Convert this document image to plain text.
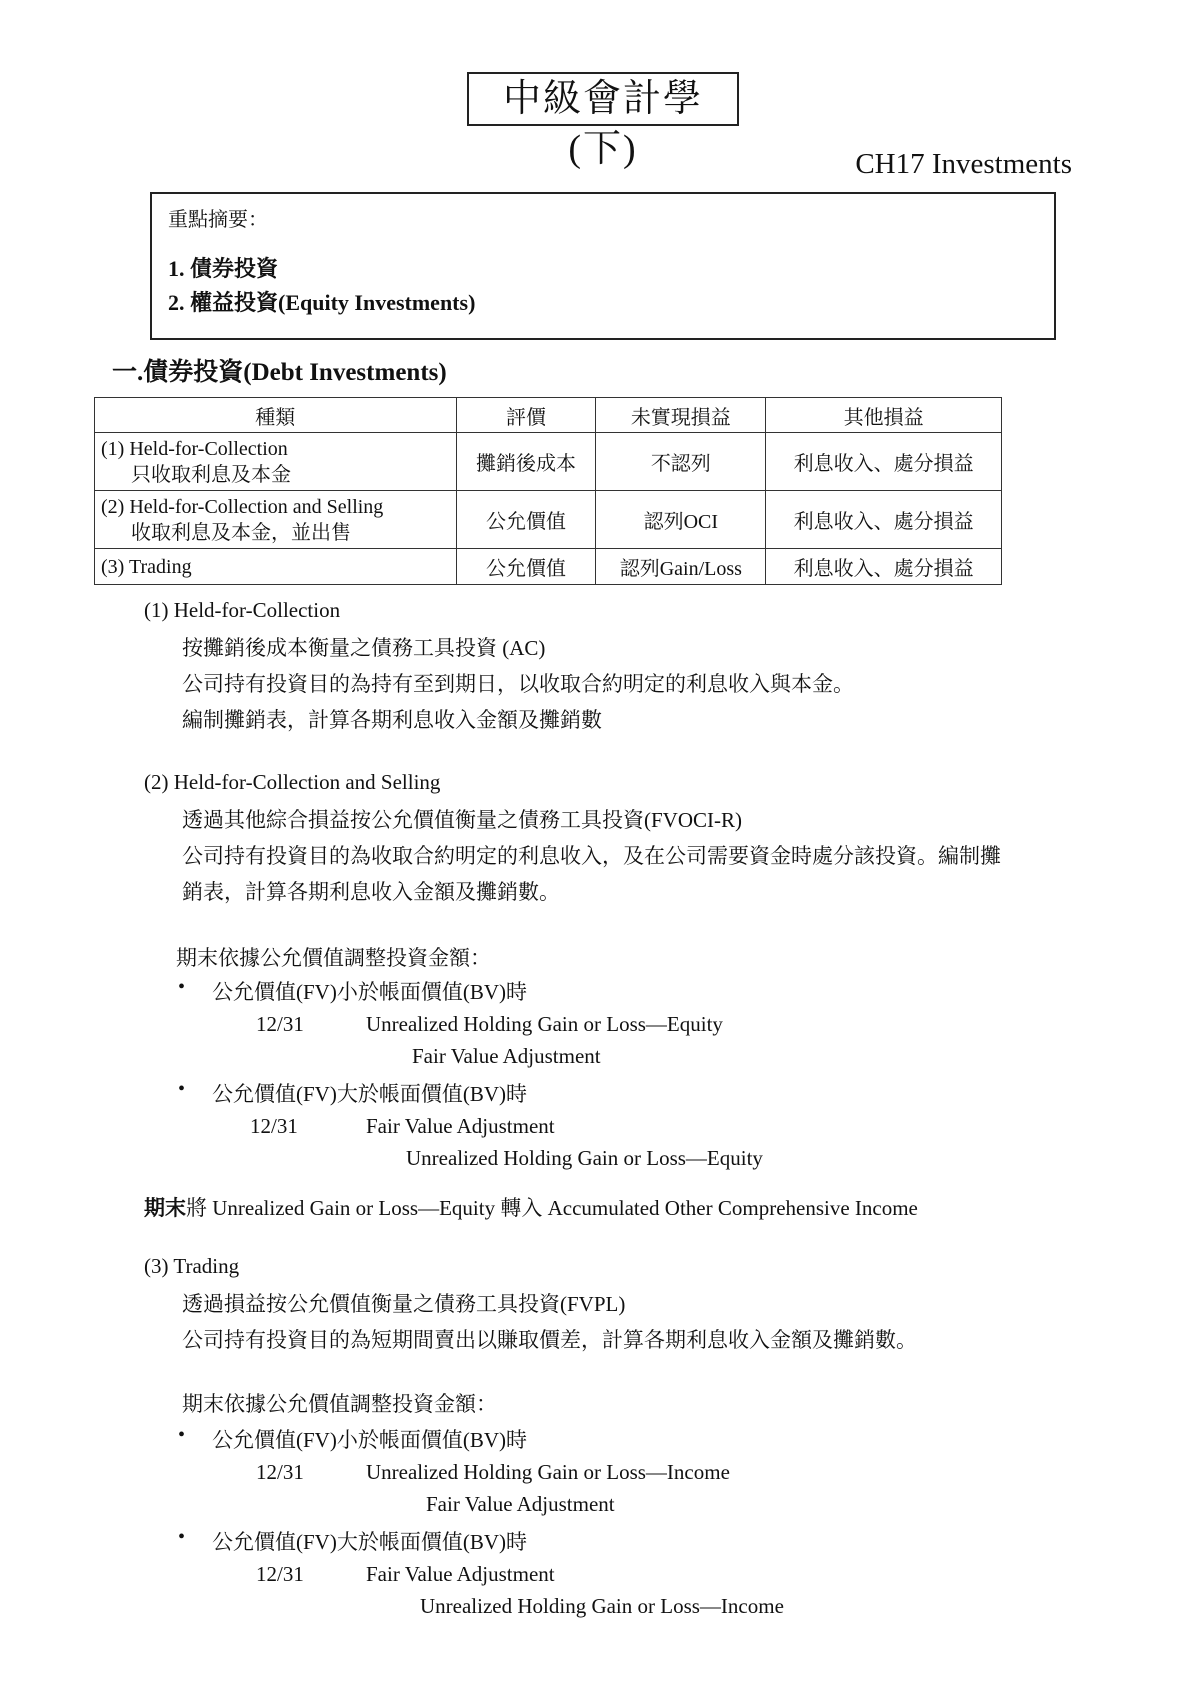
中級會計學(下)	CH17 Investments
重點摘要：
1. 債券投資
2. 權益投資(Equity Investments)
一.債券投資(Debt Investments)
種類	評價	未實現損益	其他損益

(1) Held-for-Collection
只收取利息及本金	攤銷後成本	不認列	利息收入、處分損益

(2) Held-for-Collection and Selling
收取利息及本金，並出售	公允價值	認列OCI	利息收入、處分損益

(3) Trading	公允價值	認列Gain/Loss	利息收入、處分損益
(1) Held-for-Collection
按攤銷後成本衡量之債務工具投資 (AC)
公司持有投資目的為持有至到期日，以收取合約明定的利息收入與本金。
編制攤銷表，計算各期利息收入金額及攤銷數
(2) Held-for-Collection and Selling
透過其他綜合損益按公允價值衡量之債務工具投資(FVOCI-R)
公司持有投資目的為收取合約明定的利息收入，及在公司需要資金時處分該投資。編制攤
銷表，計算各期利息收入金額及攤銷數。
期末依據公允價值調整投資金額：
• 公允價值(FV)小於帳面價值(BV)時
12/31	Unrealized Holding Gain or Loss—Equity
Fair Value Adjustment
• 公允價值(FV)大於帳面價值(BV)時
12/31	Fair Value Adjustment
Unrealized Holding Gain or Loss—Equity
期末將 Unrealized Gain or Loss—Equity 轉入 Accumulated Other Comprehensive Income
(3) Trading
透過損益按公允價值衡量之債務工具投資(FVPL)
公司持有投資目的為短期間賣出以賺取價差，計算各期利息收入金額及攤銷數。
期末依據公允價值調整投資金額：
• 公允價值(FV)小於帳面價值(BV)時
12/31	Unrealized Holding Gain or Loss—Income
Fair Value Adjustment
• 公允價值(FV)大於帳面價值(BV)時
12/31	Fair Value Adjustment
Unrealized Holding Gain or Loss—Income
